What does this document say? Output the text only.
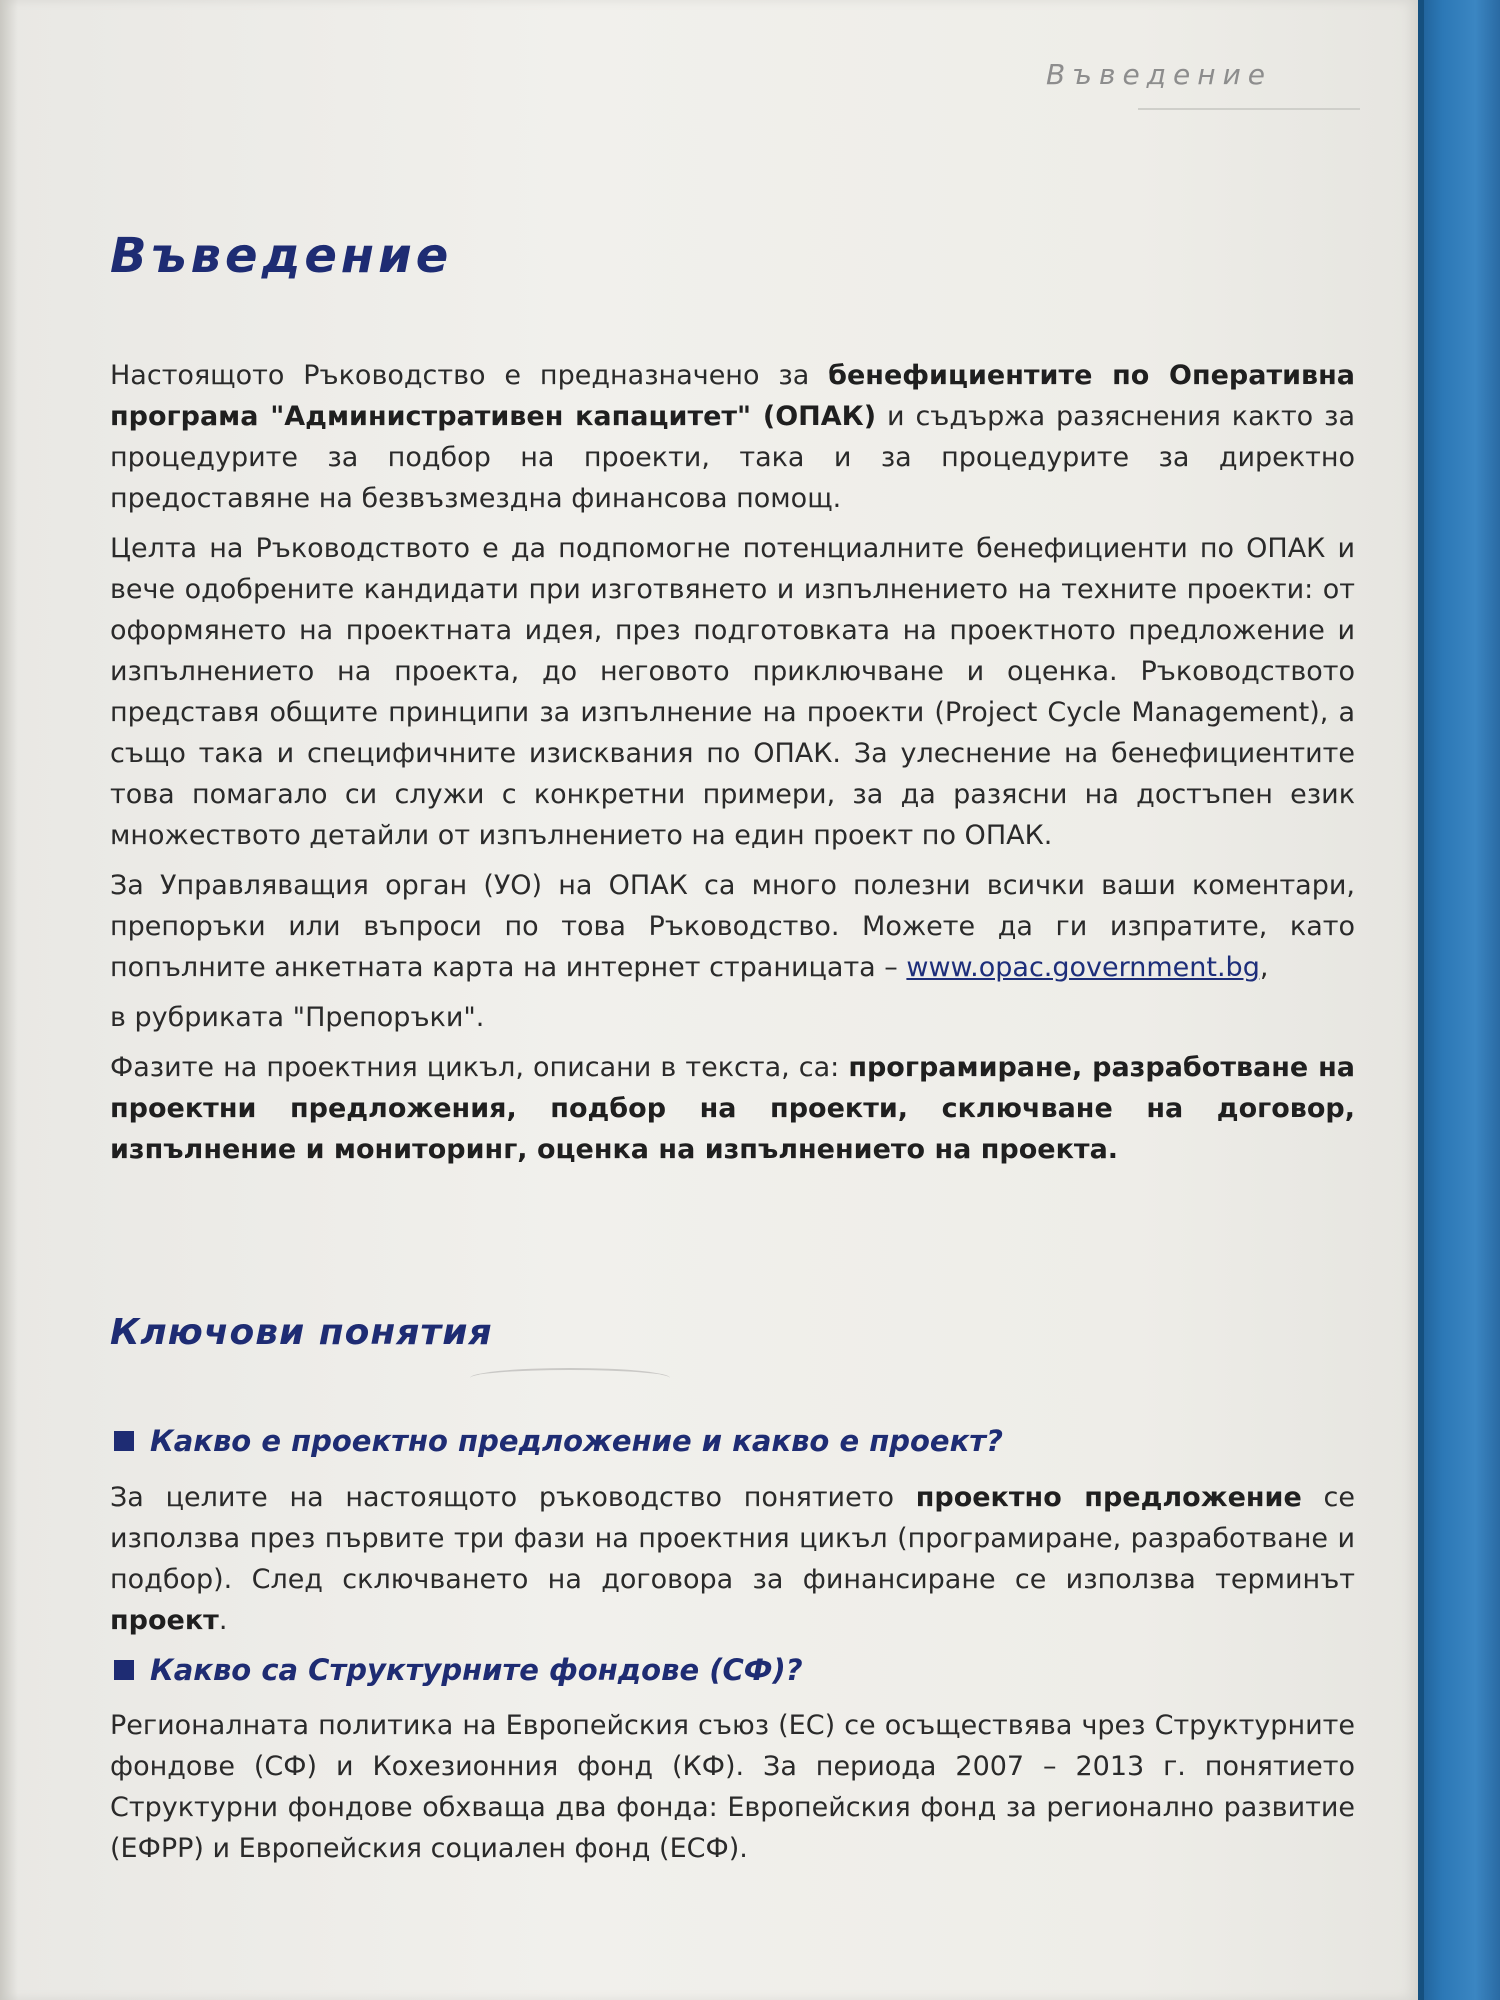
Въведение
Въведение

Настоящото Ръководство е предназначено за бенефициентите по Оперативна програма "Административен капацитет" (ОПАК) и съдържа разяснения както за процедурите за подбор на проекти, така и за процедурите за директно предоставяне на безвъзмездна финансова помощ.

Целта на Ръководството е да подпомогне потенциалните бенефициенти по ОПАК и вече одобрените кандидати при изготвянето и изпълнението на техните проекти: от оформянето на проектната идея, през подготовката на проектното предложение и изпълнението на проекта, до неговото приключване и оценка. Ръководството представя общите принципи за изпълнение на проекти (Project Cycle Management), а също така и специфичните изисквания по ОПАК. За улеснение на бенефициентите това помагало си служи с конкретни примери, за да разясни на достъпен език множеството детайли от изпълнението на един проект по ОПАК.

За Управляващия орган (УО) на ОПАК са много полезни всички ваши коментари, препоръки или въпроси по това Ръководство. Можете да ги изпратите, като попълните анкетната карта на интернет страницата – www.opac.government.bg,

в рубриката "Препоръки".

Фазите на проектния цикъл, описани в текста, са: програмиране, разработване на проектни предложения, подбор на проекти, сключване на договор, изпълнение и мониторинг, оценка на изпълнението на проекта.

Ключови понятия
Какво е проектно предложение и какво е проект?

За целите на настоящото ръководство понятието проектно предложение се използва през първите три фази на проектния цикъл (програмиране, разработване и подбор). След сключването на договора за финансиране се използва терминът проект.

Какво са Структурните фондове (СФ)?

Регионалната политика на Европейския съюз (ЕС) се осъществява чрез Структурните фондове (СФ) и Кохезионния фонд (КФ). За периода 2007 – 2013 г. понятието Структурни фондове обхваща два фонда: Европейския фонд за регионално развитие (ЕФРР) и Европейския социален фонд (ЕСФ).
